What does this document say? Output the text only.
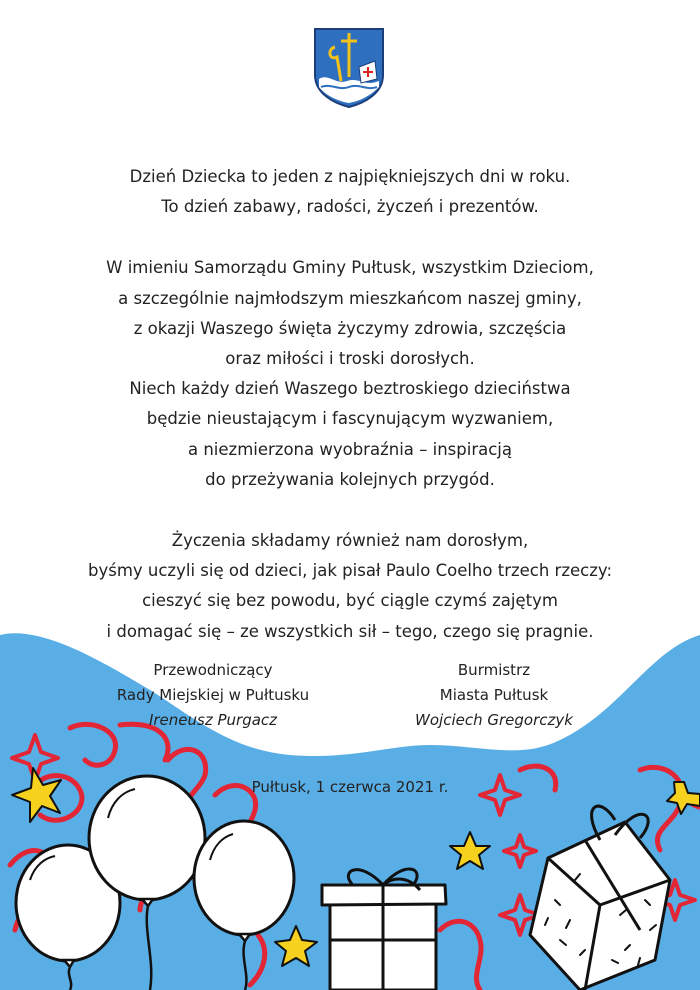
Dzień Dziecka to jeden z najpiękniejszych dni w roku.
To dzień zabawy, radości, życzeń i prezentów.
W imieniu Samorządu Gminy Pułtusk, wszystkim Dzieciom,
a szczególnie najmłodszym mieszkańcom naszej gminy,
z okazji Waszego święta życzymy zdrowia, szczęścia
oraz miłości i troski dorosłych.
Niech każdy dzień Waszego beztroskiego dzieciństwa
będzie nieustającym i fascynującym wyzwaniem,
a niezmierzona wyobraźnia – inspiracją
do przeżywania kolejnych przygód.
Życzenia składamy również nam dorosłym,
byśmy uczyli się od dzieci, jak pisał Paulo Coelho trzech rzeczy:
cieszyć się bez powodu, być ciągle czymś zajętym
i domagać się – ze wszystkich sił – tego, czego się pragnie.
Przewodniczący
Rady Miejskiej w Pułtusku
Ireneusz Purgacz
Burmistrz
Miasta Pułtusk
Wojciech Gregorczyk
Pułtusk, 1 czerwca 2021 r.
